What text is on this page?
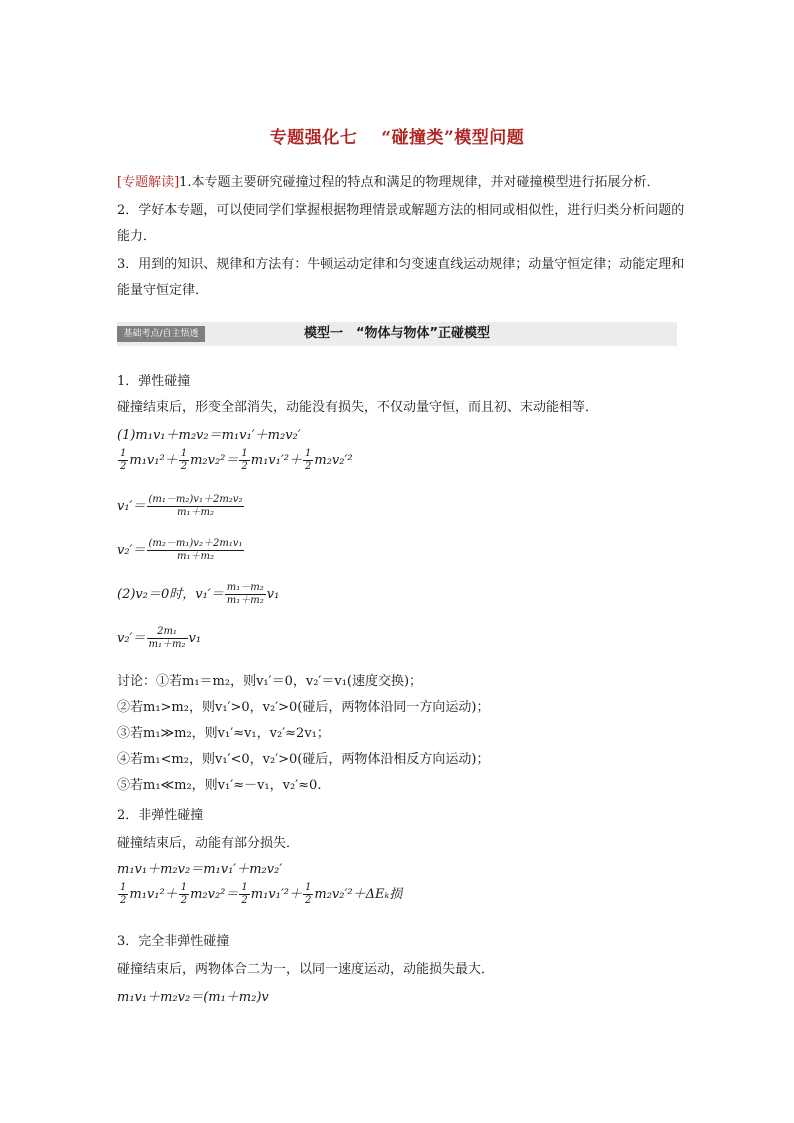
专题强化七 “碰撞类”模型问题
[专题解读]1.本专题主要研究碰撞过程的特点和满足的物理规律，并对碰撞模型进行拓展分析．
2．学好本专题，可以使同学们掌握根据物理情景或解题方法的相同或相似性，进行归类分析问题的能力．
3．用到的知识、规律和方法有：牛顿运动定律和匀变速直线运动规律；动量守恒定律；动能定理和能量守恒定律．
模型一　“物体与物体”正碰模型
基础考点/自主悟透
1．弹性碰撞
碰撞结束后，形变全部消失，动能没有损失，不仅动量守恒，而且初、末动能相等．
(1)m₁v₁＋m₂v₂＝m₁v₁′＋m₂v₂′
$\frac{1}{2} m_1v_1^2+ \frac{1}{2} m_2v_2^2= \frac{1}{2} m_1v_1'^2+ \frac{1}{2} m_2v_2'^2$
$v_1'= \frac{\text{(m₁－m₂)v₁＋2m₂v₂}}{\text{m₁＋m₂}}$
$v_2'= \frac{\text{(m₂－m₁)v₂＋2m₁v₁}}{\text{m₁＋m₂}}$
(2)v₂＝0时，$v_1'= \frac{\text{m₁－m₂}}{\text{m₁＋m₂}} v_1$
$v_2'= \frac{\text{2m₁}}{\text{m₁＋m₂}} v_1$
讨论：①若m₁＝m₂，则v₁′＝0，v₂′＝v₁(速度交换)；
②若m₁>m₂，则v₁′>0，v₂′>0(碰后，两物体沿同一方向运动)；
③若m₁≫m₂，则v₁′≈v₁，v₂′≈2v₁；
④若m₁<m₂，则v₁′<0，v₂′>0(碰后，两物体沿相反方向运动)；
⑤若m₁≪m₂，则v₁′≈－v₁，v₂′≈0.
2．非弹性碰撞
碰撞结束后，动能有部分损失．
m₁v₁＋m₂v₂＝m₁v₁′＋m₂v₂′
$\frac{1}{2} m_1v_1^2+ \frac{1}{2} m_2v_2^2= \frac{1}{2} m_1v_1'^2+ \frac{1}{2} m_2v_2'^2+\Delta E_k$损
3．完全非弹性碰撞
碰撞结束后，两物体合二为一，以同一速度运动，动能损失最大．
m₁v₁＋m₂v₂＝(m₁＋m₂)v
